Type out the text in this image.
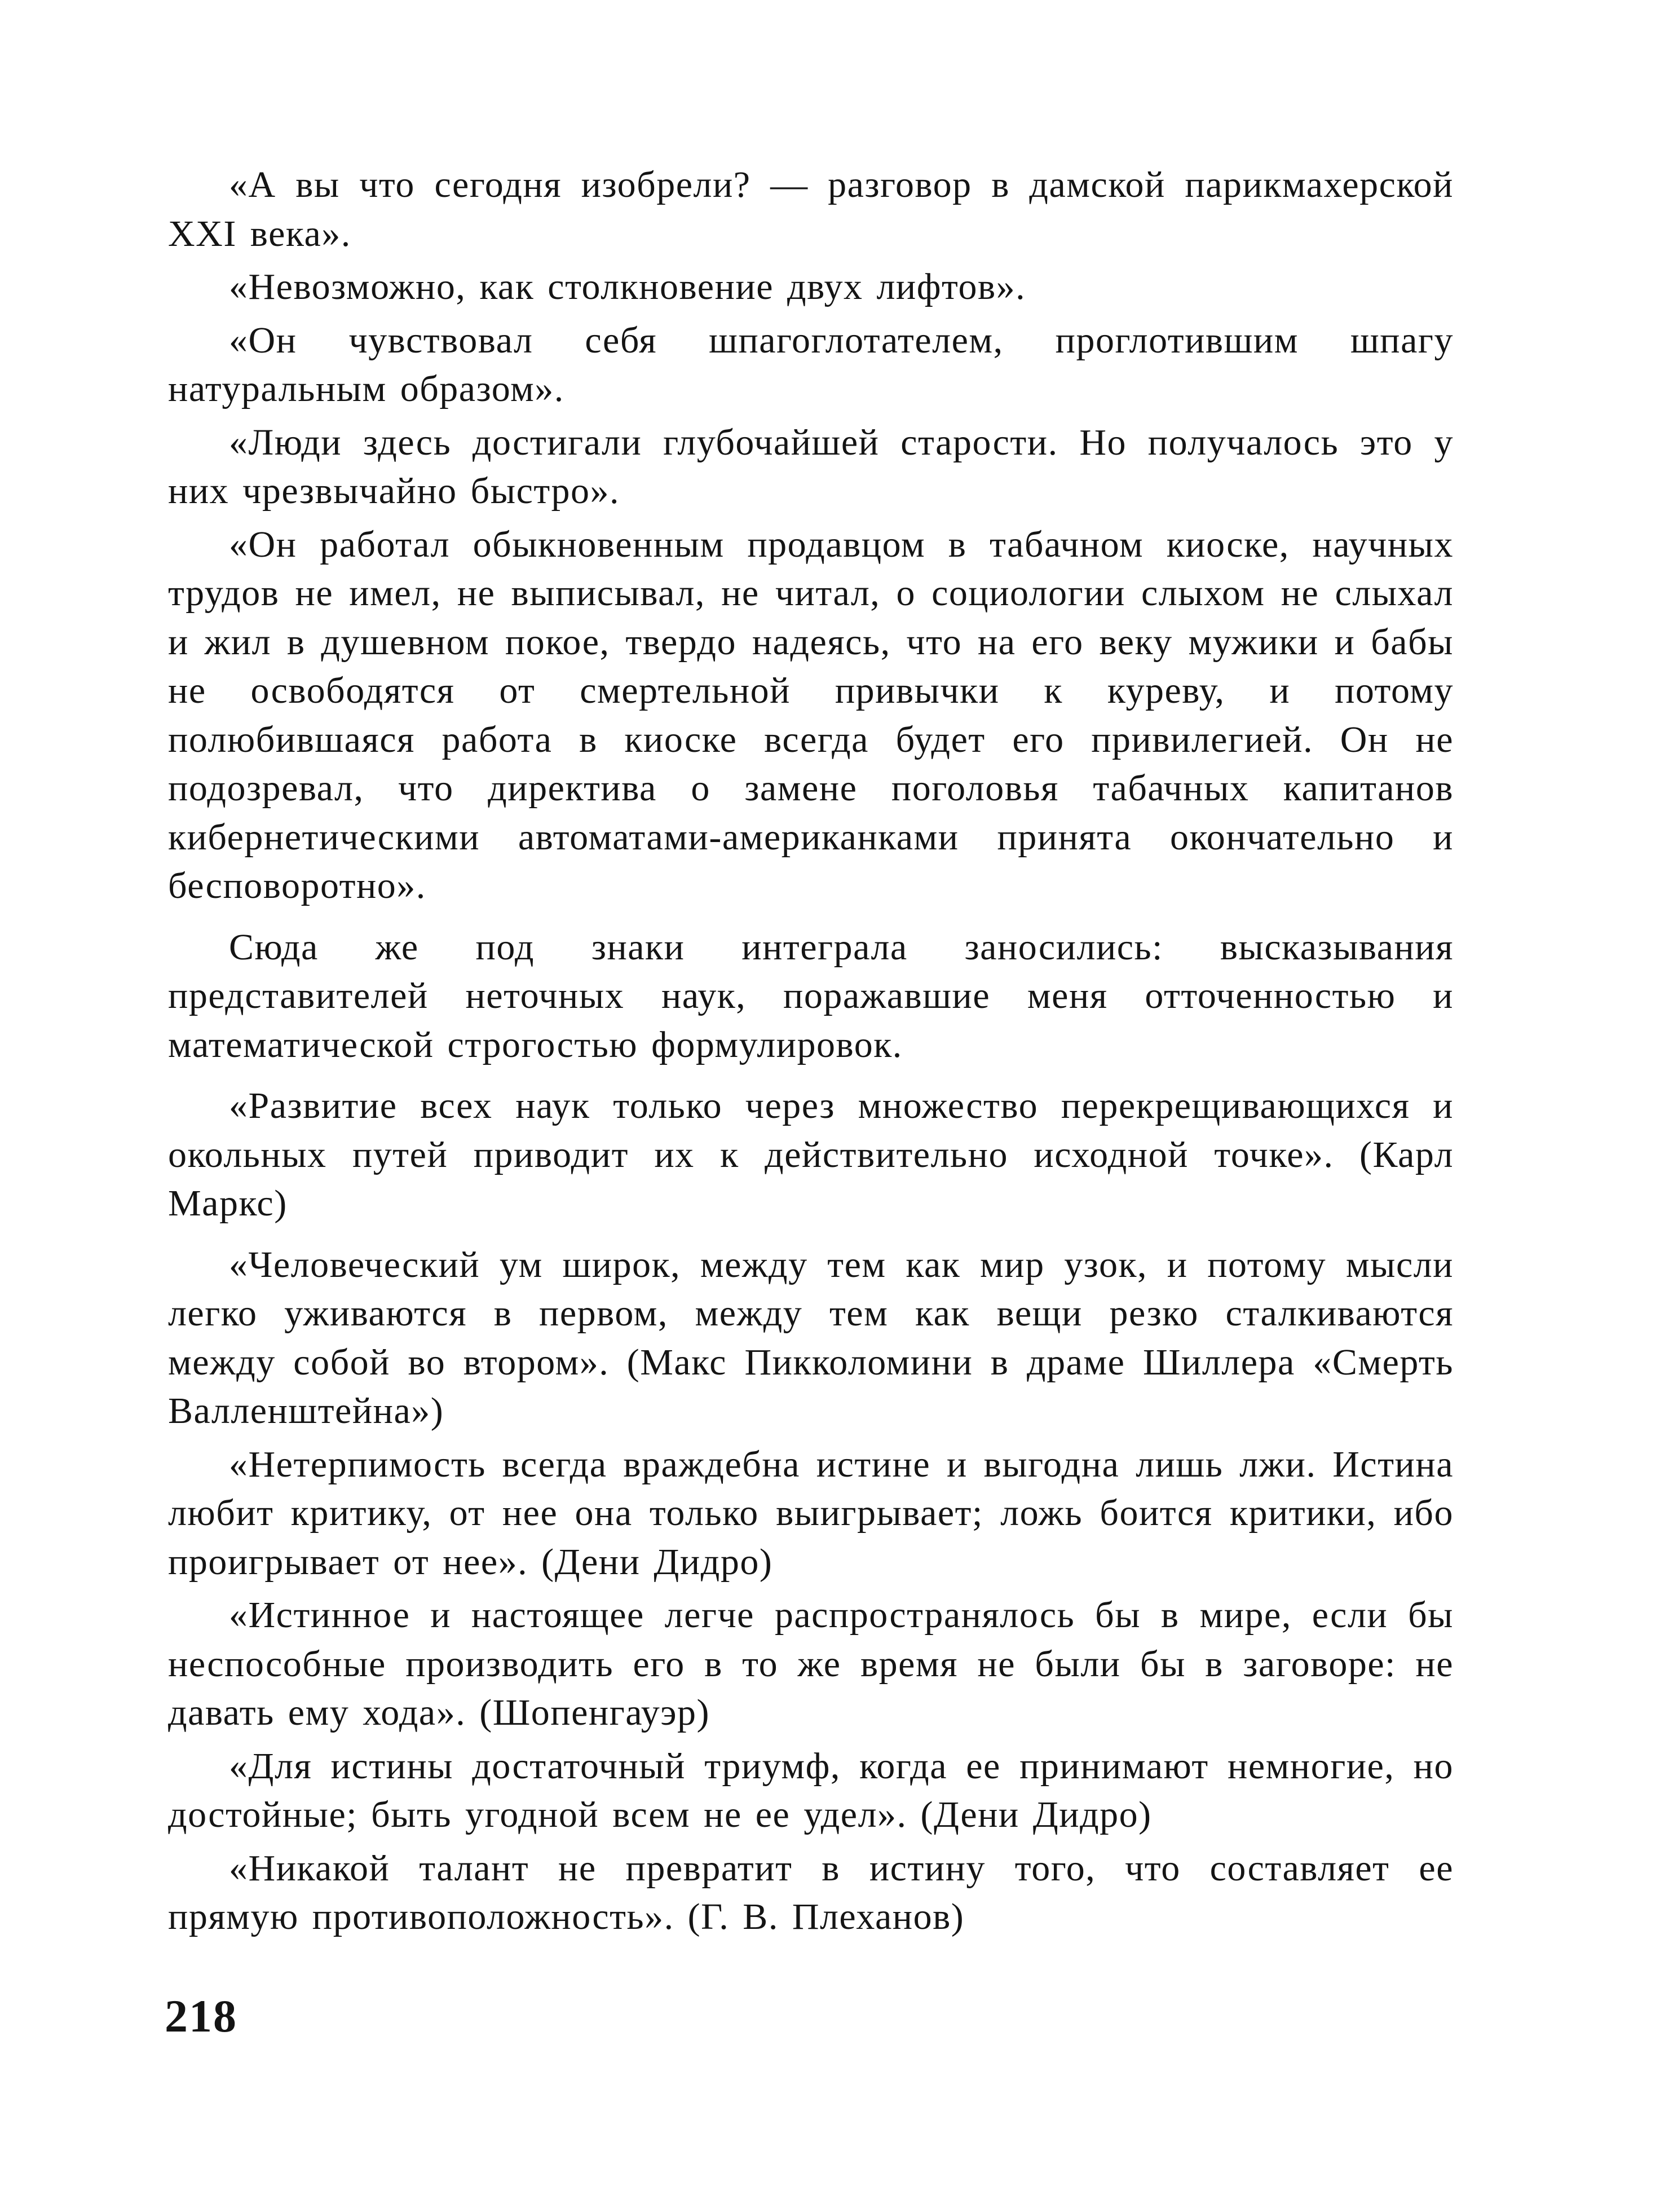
«А вы что сегодня изобрели? — разговор в дамской парикмахерской XXI века».

«Невозможно, как столкновение двух лифтов».

«Он чувствовал себя шпагоглотателем, проглотившим шпагу натуральным образом».

«Люди здесь достигали глубочайшей старости. Но получалось это у них чрезвычайно быстро».

«Он работал обыкновенным продавцом в табачном киоске, научных трудов не имел, не выписывал, не читал, о социологии слыхом не слыхал и жил в душевном покое, твердо надеясь, что на его веку мужики и бабы не освободятся от смертельной привычки к куреву, и потому полюбившаяся работа в киоске всегда будет его привилегией. Он не подозревал, что директива о замене поголовья табачных капитанов кибернетическими автоматами-американками принята окончательно и бесповоротно».

Сюда же под знаки интеграла заносились: высказывания представителей неточных наук, поражавшие меня отточенностью и математической строгостью формулировок.

«Развитие всех наук только через множество перекрещивающихся и окольных путей приводит их к действительно исходной точке». (Карл Маркс)

«Человеческий ум широк, между тем как мир узок, и потому мысли легко уживаются в первом, между тем как вещи резко сталкиваются между собой во втором». (Макс Пикколомини в драме Шиллера «Смерть Валленштейна»)

«Нетерпимость всегда враждебна истине и выгодна лишь лжи. Истина любит критику, от нее она только выигрывает; ложь боится критики, ибо проигрывает от нее». (Дени Дидро)

«Истинное и настоящее легче распространялось бы в мире, если бы неспособные производить его в то же время не были бы в заговоре: не давать ему хода». (Шопенгауэр)

«Для истины достаточный триумф, когда ее принимают немногие, но достойные; быть угодной всем не ее удел». (Дени Дидро)

«Никакой талант не превратит в истину того, что составляет ее прямую противоположность». (Г. В. Плеханов)

218
